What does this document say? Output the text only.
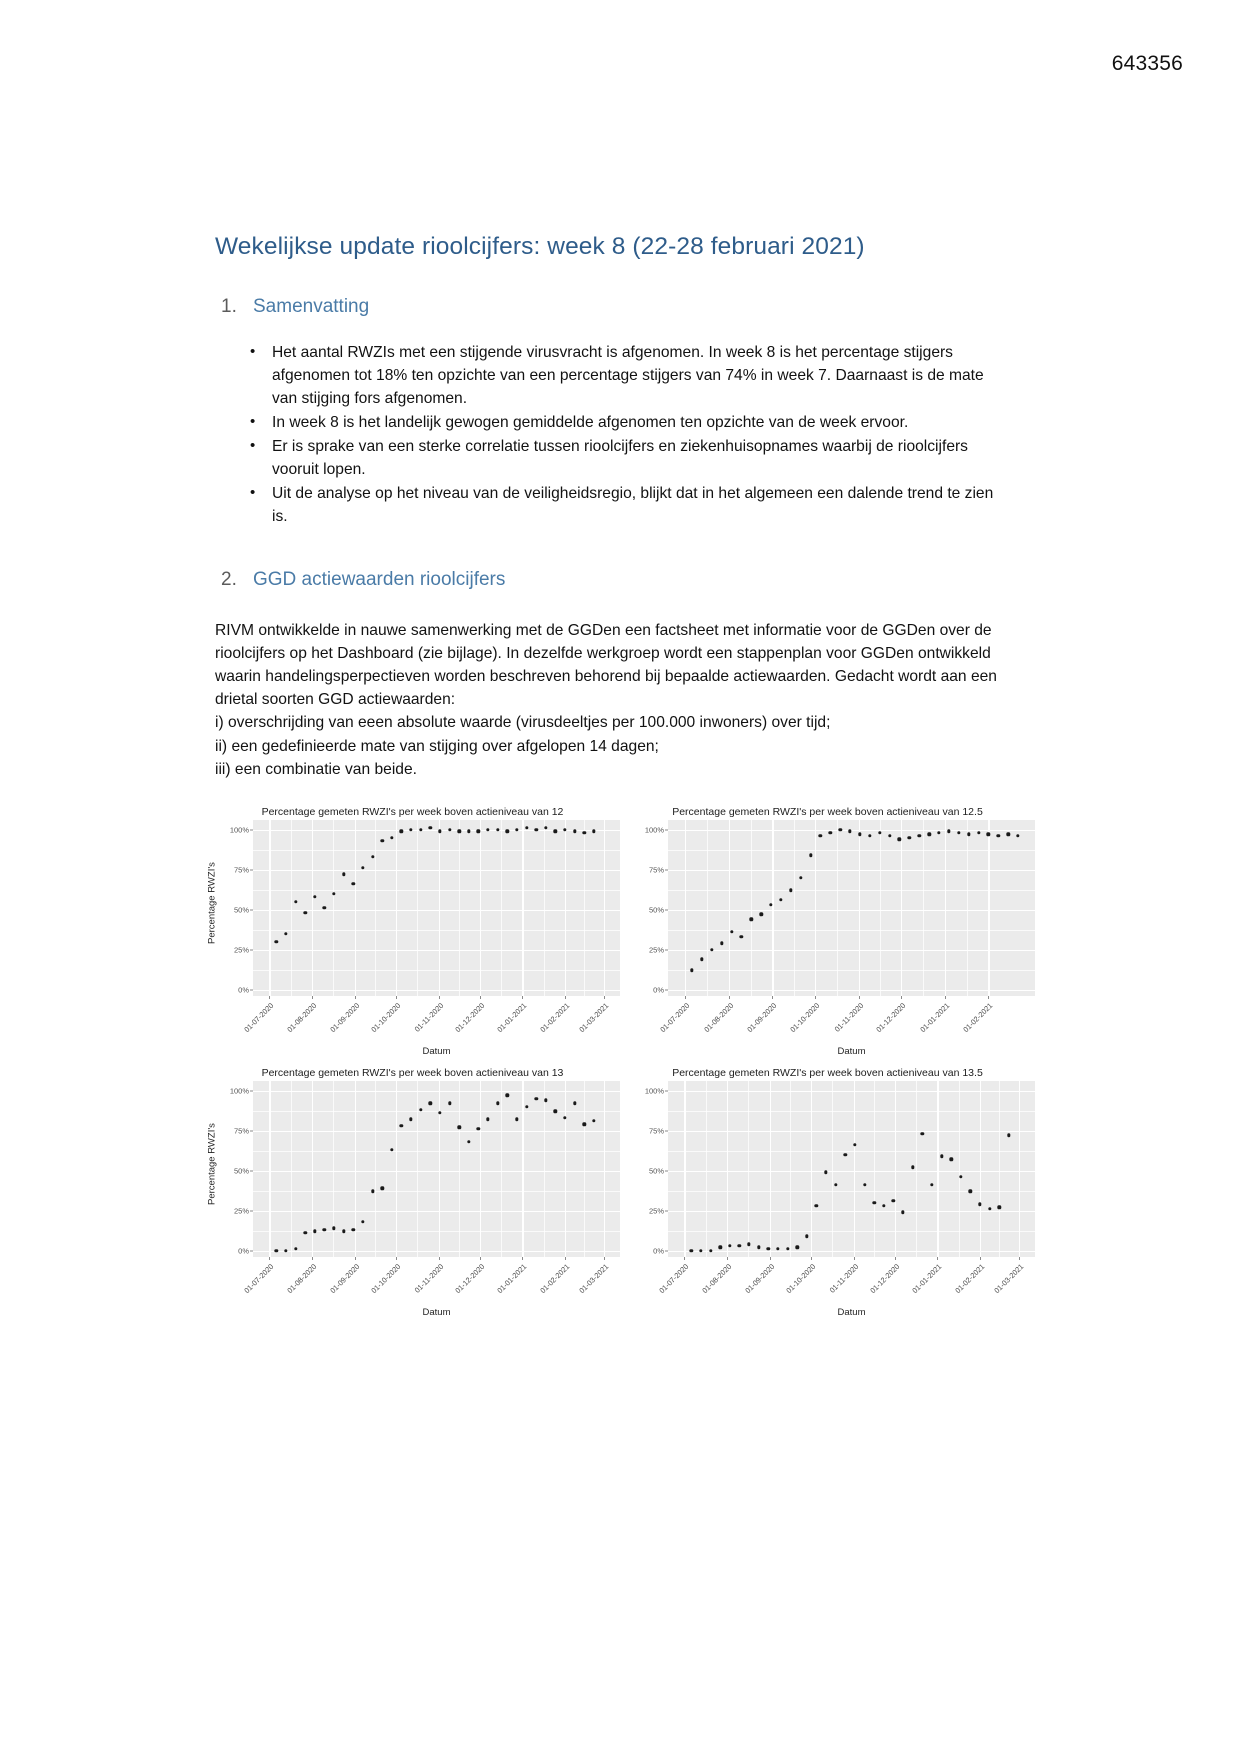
643356
Wekelijkse update rioolcijfers: week 8 (22-28 februari 2021)
1. Samenvatting
• Het aantal RWZIs met een stijgende virusvracht is afgenomen. In week 8 is het percentage stijgers afgenomen tot 18% ten opzichte van een percentage stijgers van 74% in week 7. Daarnaast is de mate van stijging fors afgenomen.
• In week 8 is het landelijk gewogen gemiddelde afgenomen ten opzichte van de week ervoor.
• Er is sprake van een sterke correlatie tussen rioolcijfers en ziekenhuisopnames waarbij de rioolcijfers vooruit lopen.
• Uit de analyse op het niveau van de veiligheidsregio, blijkt dat in het algemeen een dalende trend te zien is.
2. GGD actiewaarden rioolcijfers

RIVM ontwikkelde in nauwe samenwerking met de GGDen een factsheet met informatie voor de GGDen over de rioolcijfers op het Dashboard (zie bijlage). In dezelfde werkgroep wordt een stappenplan voor GGDen ontwikkeld waarin handelingsperpectieven worden beschreven behorend bij bepaalde actiewaarden. Gedacht wordt aan een drietal soorten GGD actiewaarden:

i) overschrijding van eeen absolute waarde (virusdeeltjes per 100.000 inwoners) over tijd;
ii) een gedefinieerde mate van stijging over afgelopen 14 dagen;
iii) een combinatie van beide.
Percentage gemeten RWZI's per week boven actieniveau van 12
Percentage RWZI's
0%
25%
50%
75%
100%
01-07-2020 01-08-2020 01-09-2020 01-10-2020 01-11-2020 01-12-2020 01-01-2021 01-02-2021 01-03-2021
Datum
Percentage gemeten RWZI's per week boven actieniveau van 12.5
0%
25%
50%
75%
100%
01-07-2020 01-08-2020 01-09-2020 01-10-2020 01-11-2020 01-12-2020 01-01-2021 01-02-2021
Datum
Percentage gemeten RWZI's per week boven actieniveau van 13
Percentage RWZI's
0%
25%
50%
75%
100%
01-07-2020 01-08-2020 01-09-2020 01-10-2020 01-11-2020 01-12-2020 01-01-2021 01-02-2021 01-03-2021
Datum
Percentage gemeten RWZI's per week boven actieniveau van 13.5
0%
25%
50%
75%
100%
01-07-2020 01-08-2020 01-09-2020 01-10-2020 01-11-2020 01-12-2020 01-01-2021 01-02-2021 01-03-2021
Datum
